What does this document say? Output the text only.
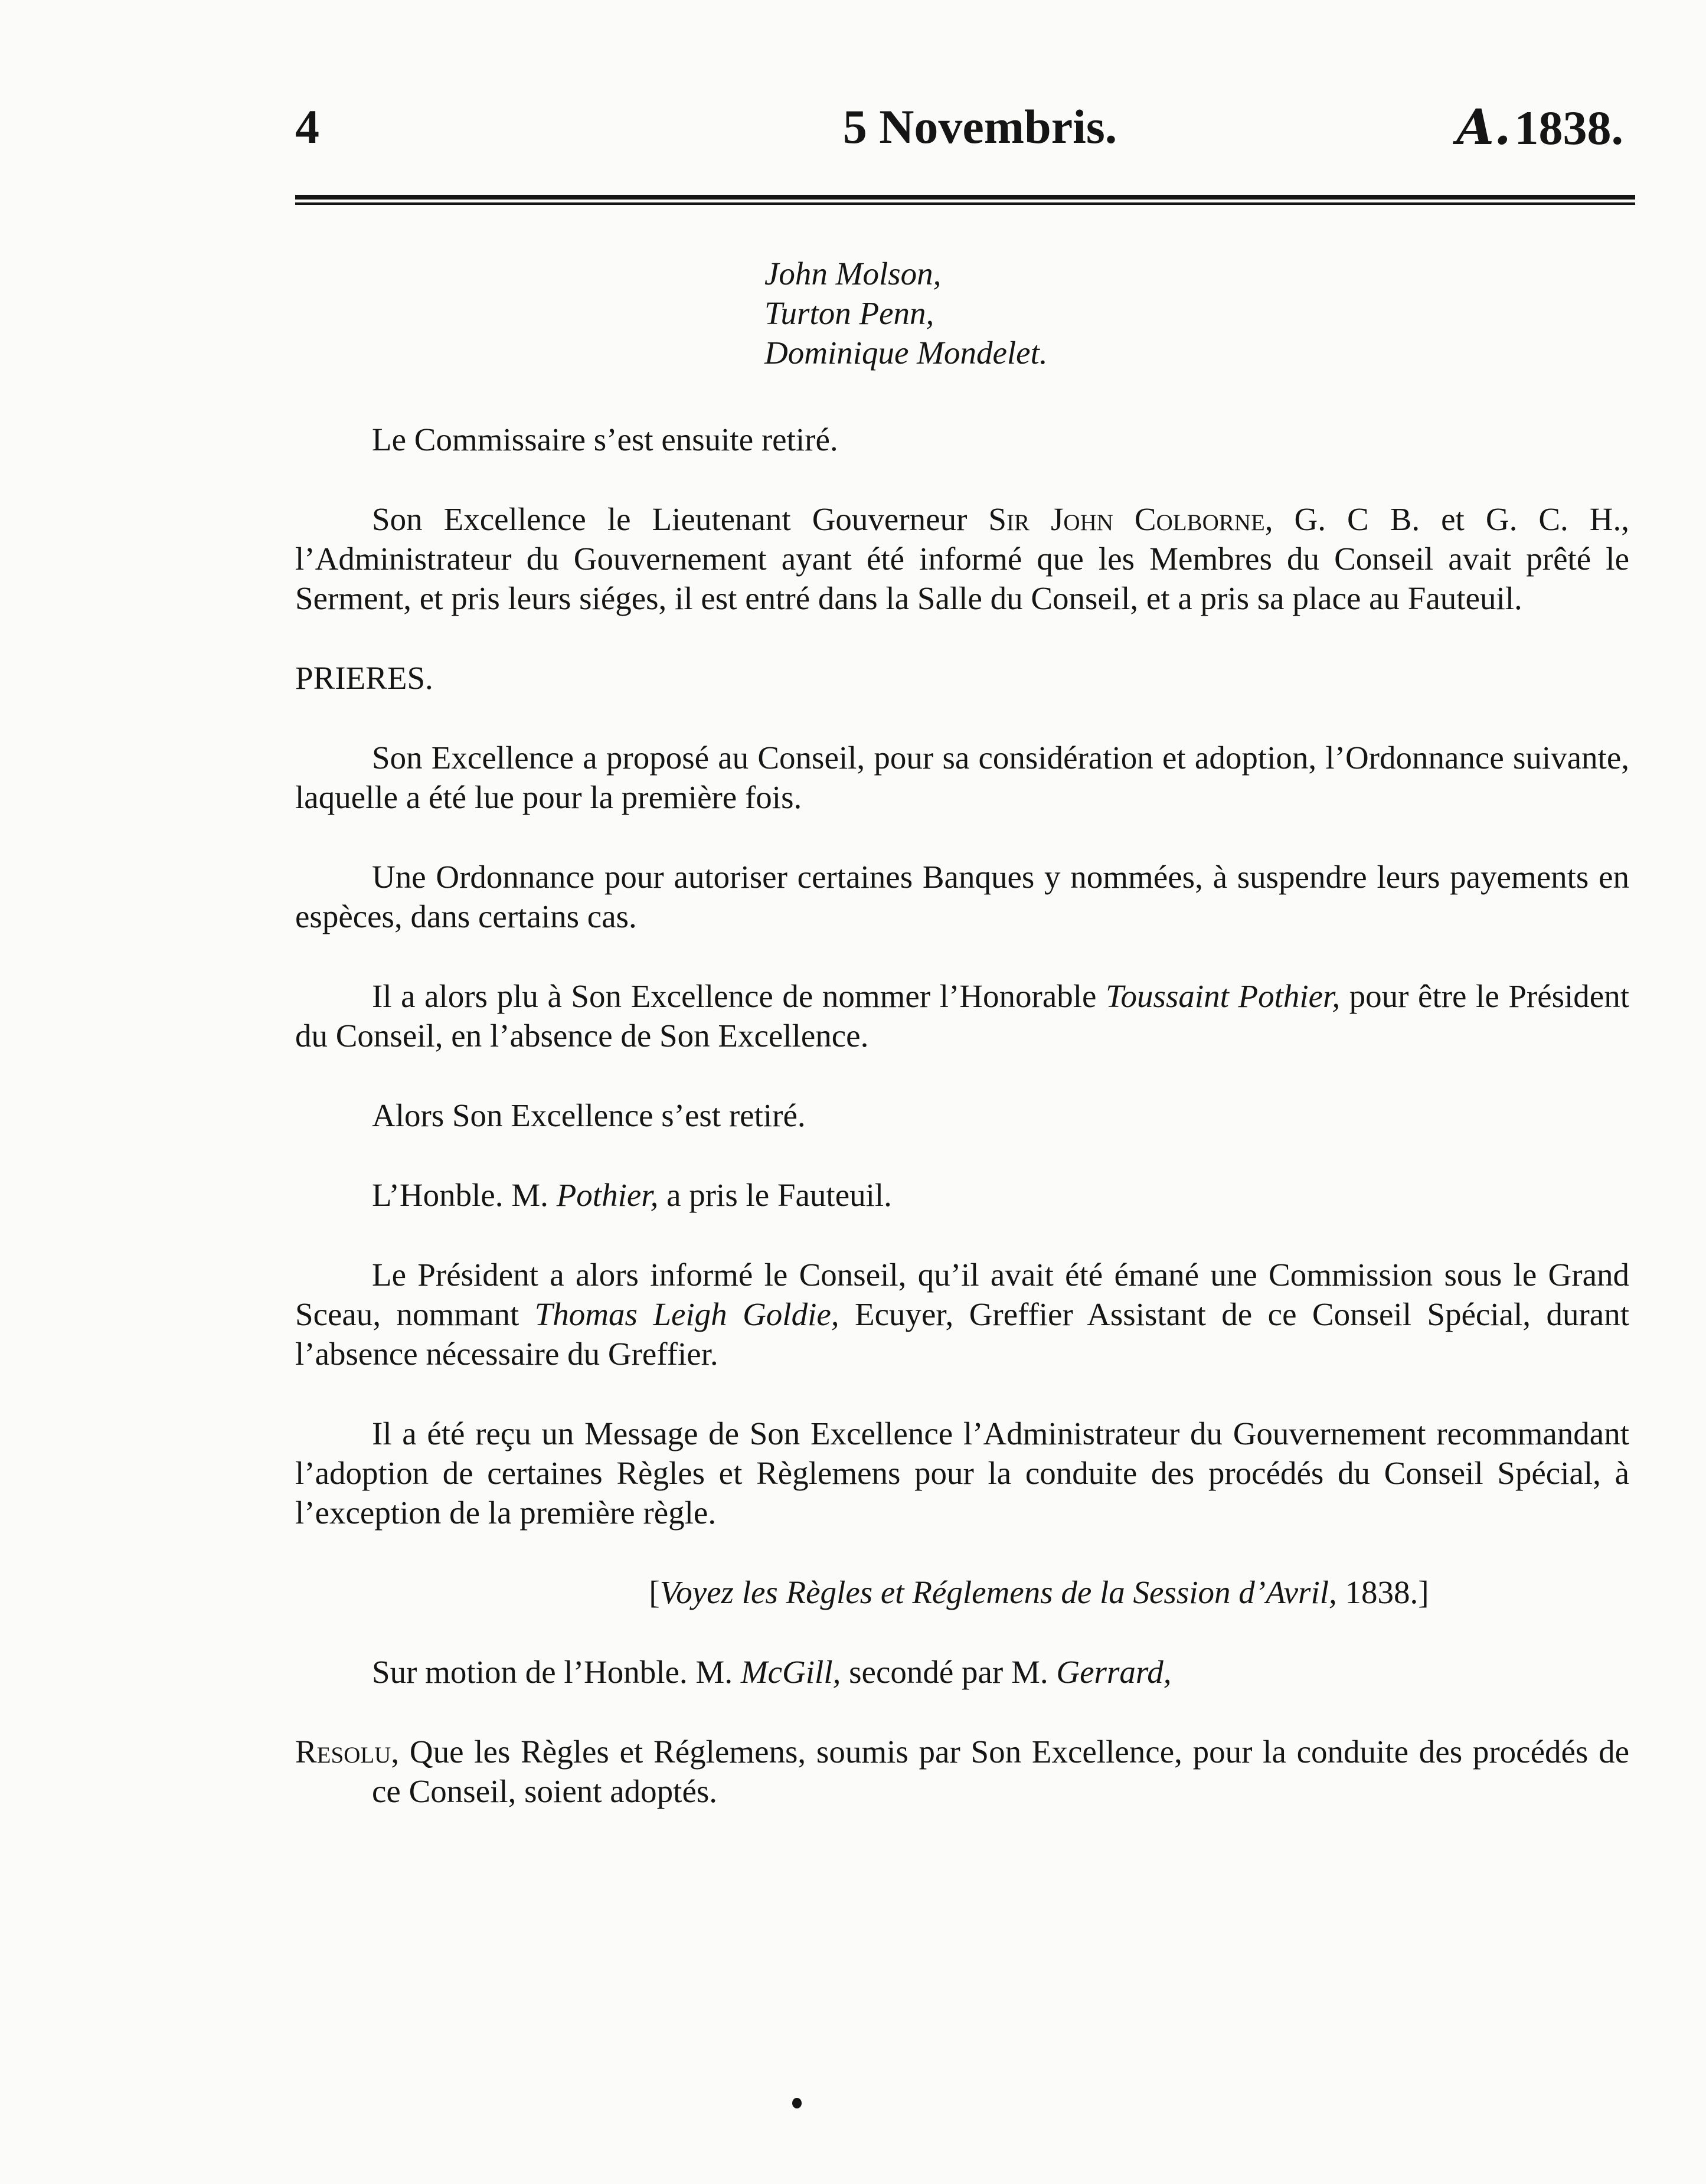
4	5 Novembris.	A.1838.
John Molson,
Turton Penn,
Dominique Mondelet.

Le Commissaire s’est ensuite retiré.

Son Excellence le Lieutenant Gouverneur Sir John Colborne, G. C B. et G. C. H., l’Administrateur du Gouvernement ayant été informé que les Membres du Conseil avait prêté le Serment, et pris leurs siéges, il est entré dans la Salle du Conseil, et a pris sa place au Fauteuil.

PRIERES.

Son Excellence a proposé au Conseil, pour sa considération et adoption, l’Ordonnance suivante, laquelle a été lue pour la première fois.

Une Ordonnance pour autoriser certaines Banques y nommées, à suspendre leurs payements en espèces, dans certains cas.

Il a alors plu à Son Excellence de nommer l’Honorable Toussaint Pothier, pour être le Président du Conseil, en l’absence de Son Excellence.

Alors Son Excellence s’est retiré.

L’Honble. M. Pothier, a pris le Fauteuil.

Le Président a alors informé le Conseil, qu’il avait été émané une Commission sous le Grand Sceau, nommant Thomas Leigh Goldie, Ecuyer, Greffier Assistant de ce Conseil Spécial, durant l’absence nécessaire du Greffier.

Il a été reçu un Message de Son Excellence l’Administrateur du Gouvernement recommandant l’adoption de certaines Règles et Règlemens pour la conduite des procédés du Conseil Spécial, à l’exception de la première règle.

[Voyez les Règles et Réglemens de la Session d’Avril, 1838.]

Sur motion de l’Honble. M. McGill, secondé par M. Gerrard,

Resolu, Que les Règles et Réglemens, soumis par Son Excellence, pour la conduite des procédés de ce Conseil, soient adoptés.
